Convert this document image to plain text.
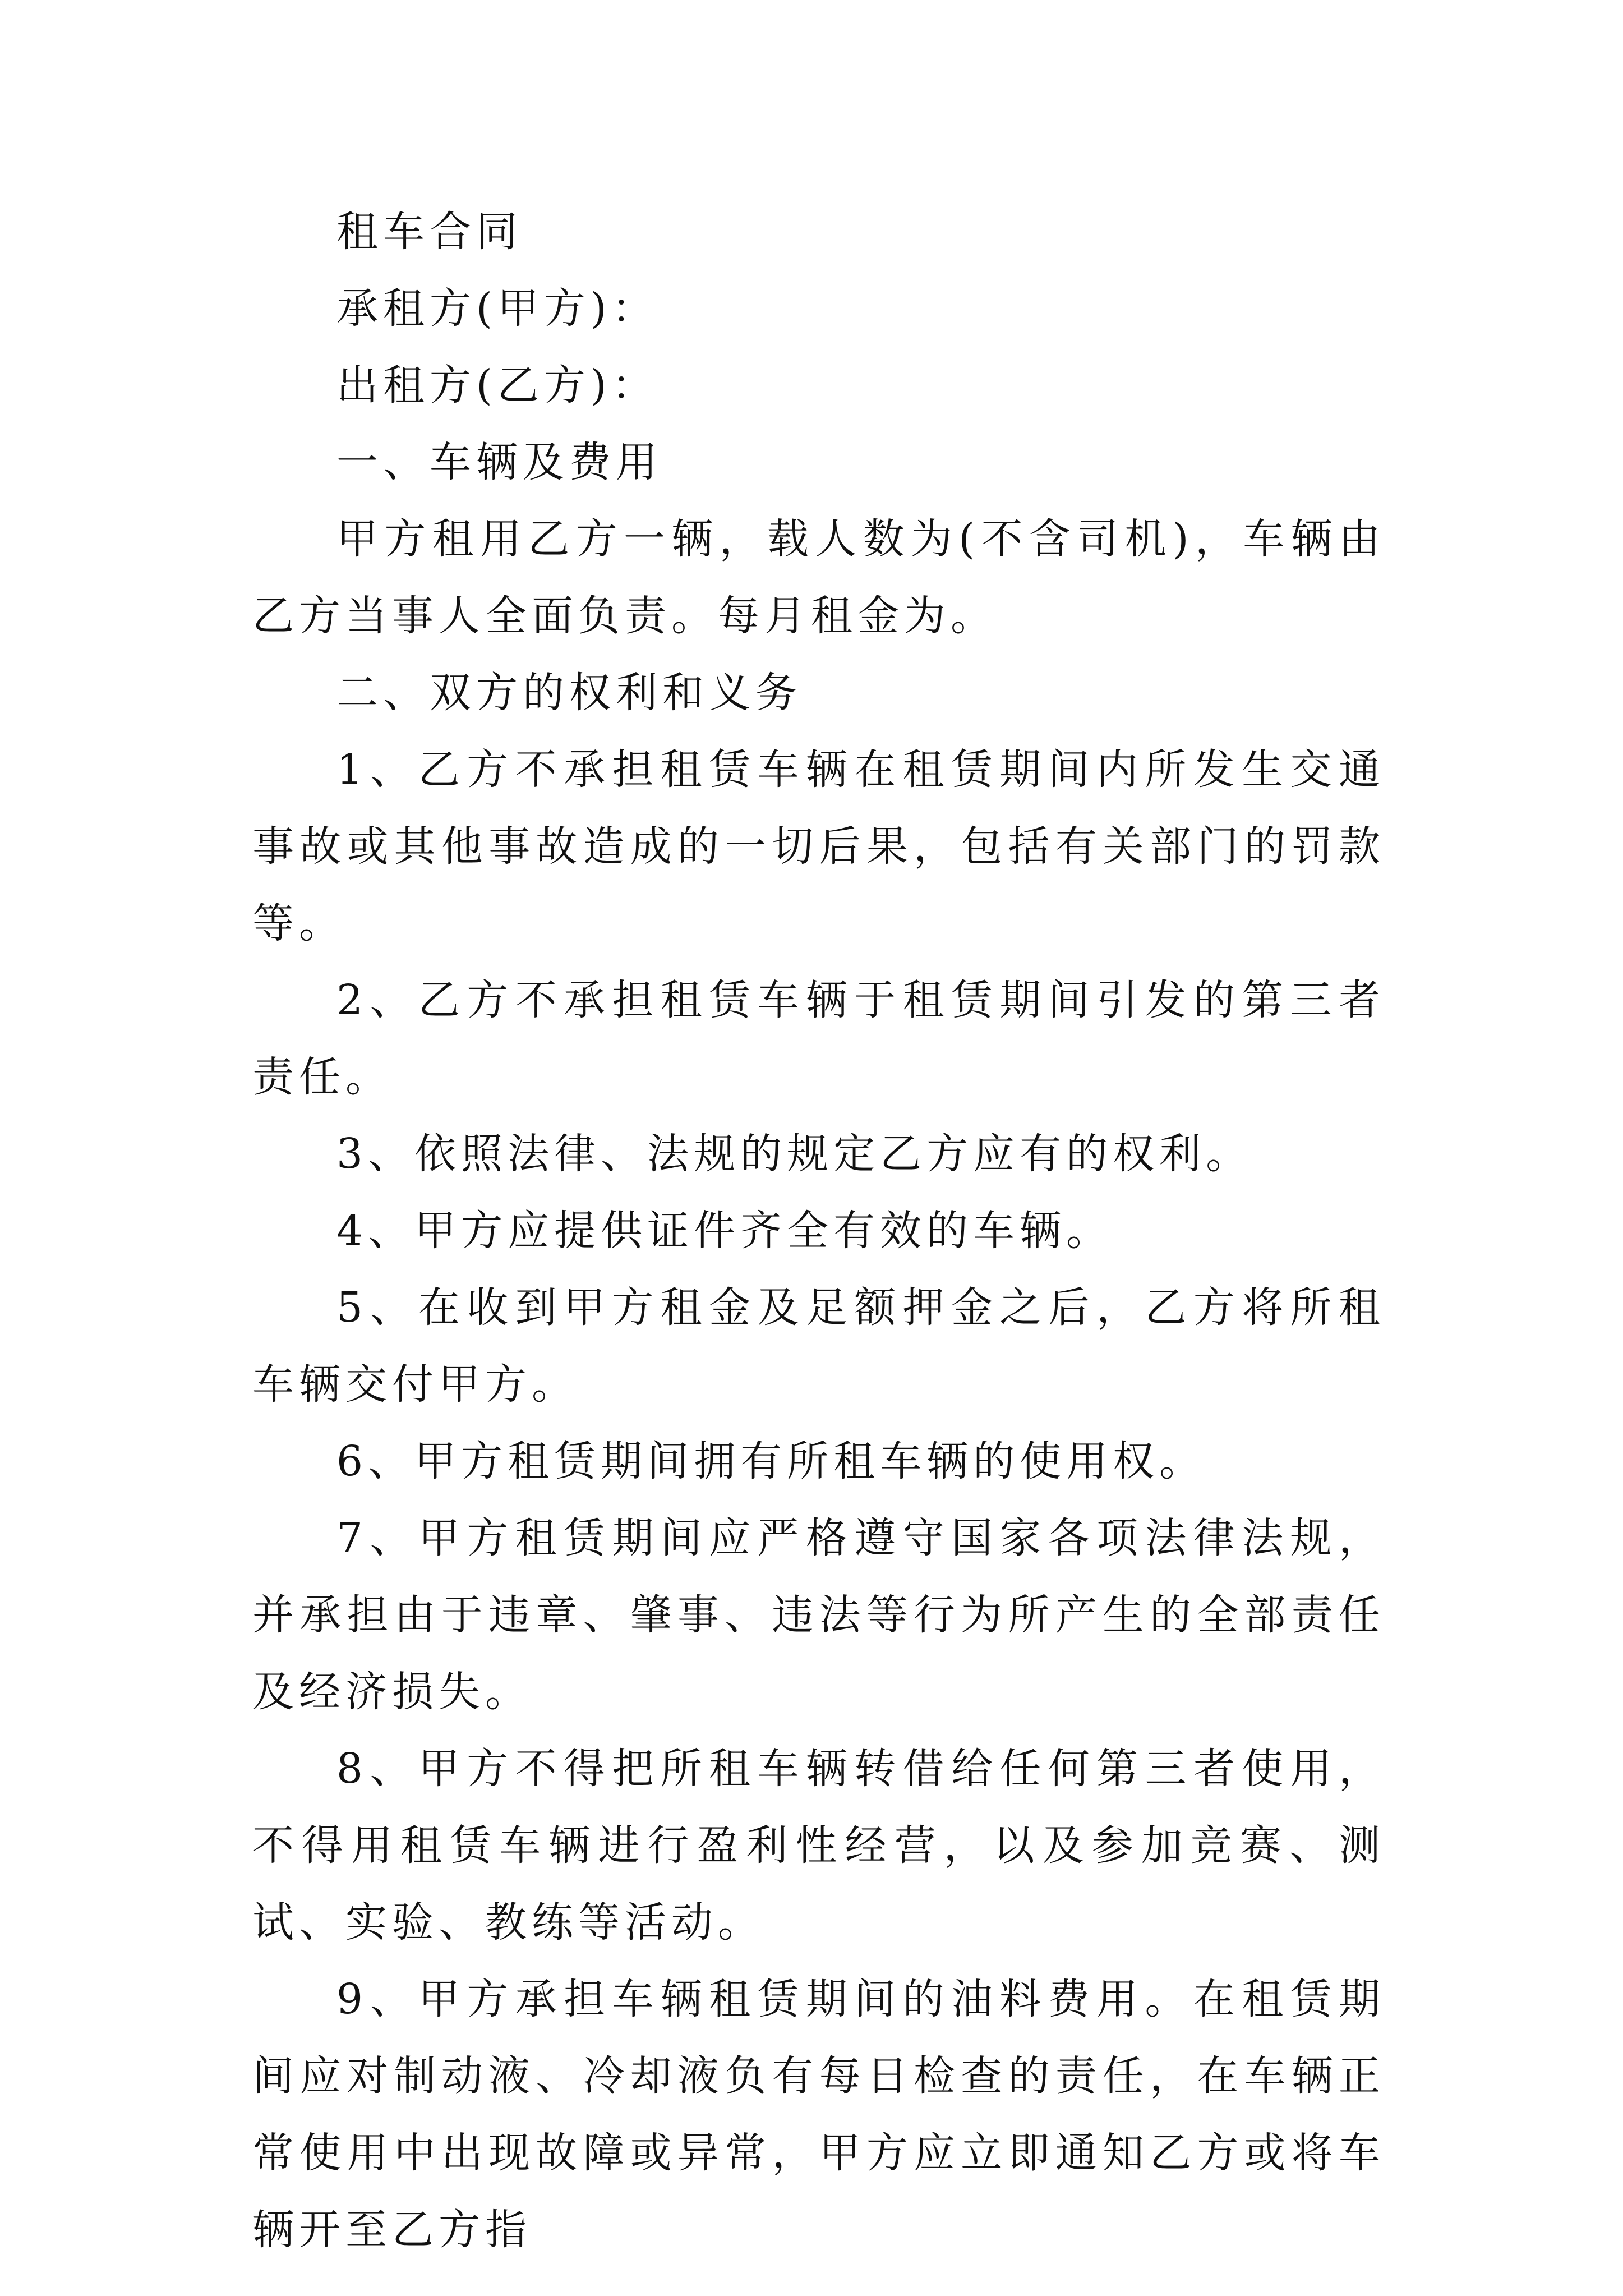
租车合同

承租方(甲方)：

出租方(乙方)：

一、车辆及费用

甲方租用乙方一辆，载人数为(不含司机)，车辆由乙方当事人全面负责。每月租金为。

二、双方的权利和义务

1、乙方不承担租赁车辆在租赁期间内所发生交通事故或其他事故造成的一切后果，包括有关部门的罚款等。

2、乙方不承担租赁车辆于租赁期间引发的第三者责任。

3、依照法律、法规的规定乙方应有的权利。

4、甲方应提供证件齐全有效的车辆。

5、在收到甲方租金及足额押金之后，乙方将所租车辆交付甲方。

6、甲方租赁期间拥有所租车辆的使用权。

7、甲方租赁期间应严格遵守国家各项法律法规，并承担由于违章、肇事、违法等行为所产生的全部责任及经济损失。

8、甲方不得把所租车辆转借给任何第三者使用，不得用租赁车辆进行盈利性经营，以及参加竞赛、测试、实验、教练等活动。

9、甲方承担车辆租赁期间的油料费用。在租赁期间应对制动液、冷却液负有每日检查的责任，在车辆正常使用中出现故障或异常，甲方应立即通知乙方或将车辆开至乙方指
